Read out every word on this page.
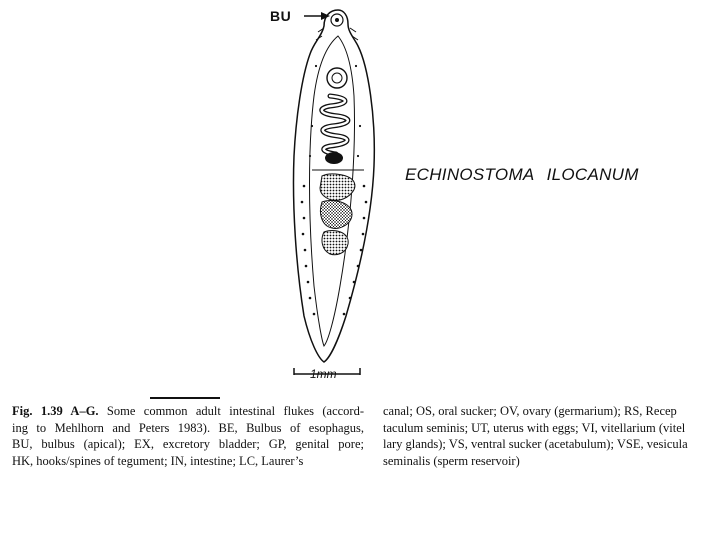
BU
ECHINOSTOMA ILOCANUM
1mm
Fig. 1.39 A–G. Some common adult intestinal flukes (accord-
ing to Mehlhorn and Peters 1983). BE, Bulbus of esophagus,
BU, bulbus (apical); EX, excretory bladder; GP, genital pore;
HK, hooks/spines of tegument; IN, intestine; LC, Laurer’s
canal; OS, oral sucker; OV, ovary (germarium); RS, Recep
taculum seminis; UT, uterus with eggs; VI, vitellarium (vitel
lary glands); VS, ventral sucker (acetabulum); VSE, vesicula
seminalis (sperm reservoir)
